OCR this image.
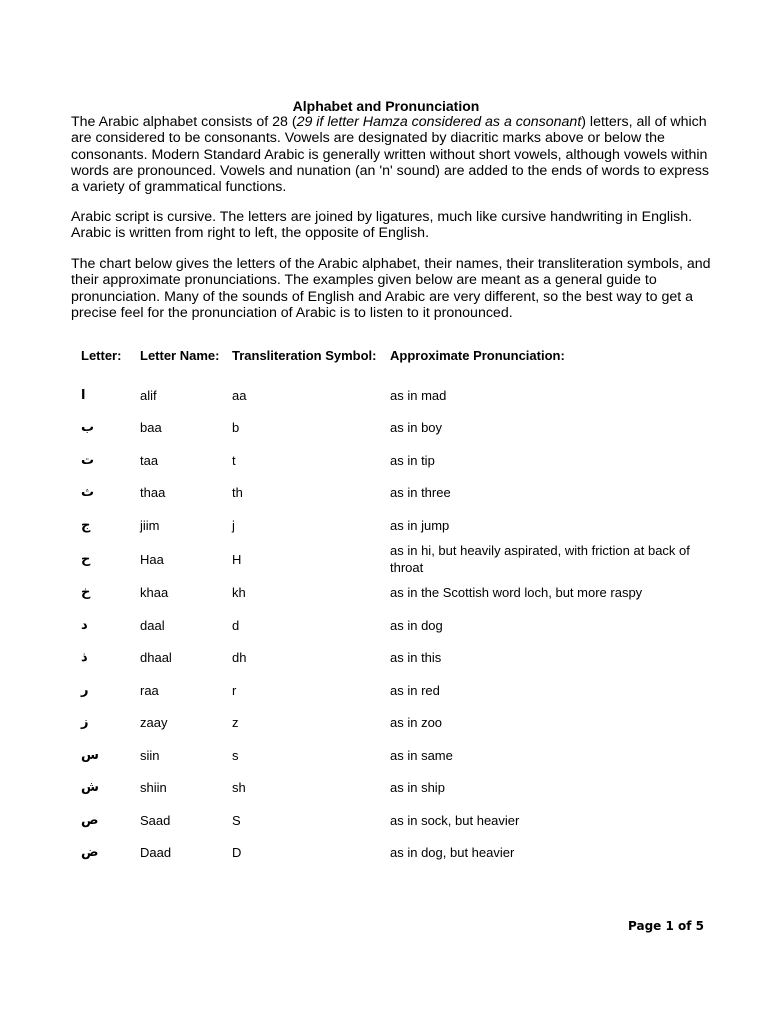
Alphabet and Pronunciation

The Arabic alphabet consists of 28 (29 if letter Hamza considered as a consonant) letters, all of which are considered to be consonants. Vowels are designated by diacritic marks above or below the consonants. Modern Standard Arabic is generally written without short vowels, although vowels within words are pronounced. Vowels and nunation (an 'n' sound) are added to the ends of words to express a variety of grammatical functions.

Arabic script is cursive. The letters are joined by ligatures, much like cursive handwriting in English. Arabic is written from right to left, the opposite of English.

The chart below gives the letters of the Arabic alphabet, their names, their transliteration symbols, and their approximate pronunciations. The examples given below are meant as a general guide to pronunciation. Many of the sounds of English and Arabic are very different, so the best way to get a precise feel for the pronunciation of Arabic is to listen to it pronounced.

Letter:	Letter Name:	Transliteration Symbol:	Approximate Pronunciation:
ا	alif	aa	as in mad
ب	baa	b	as in boy
ت	taa	t	as in tip
ث	thaa	th	as in three
ج	jiim	j	as in jump
ح	Haa	H	as in hi, but heavily aspirated, with friction at back of throat
خ	khaa	kh	as in the Scottish word loch, but more raspy
د	daal	d	as in dog
ذ	dhaal	dh	as in this
ر	raa	r	as in red
ز	zaay	z	as in zoo
س	siin	s	as in same
ش	shiin	sh	as in ship
ص	Saad	S	as in sock, but heavier
ض	Daad	D	as in dog, but heavier
Page 1 of 5
